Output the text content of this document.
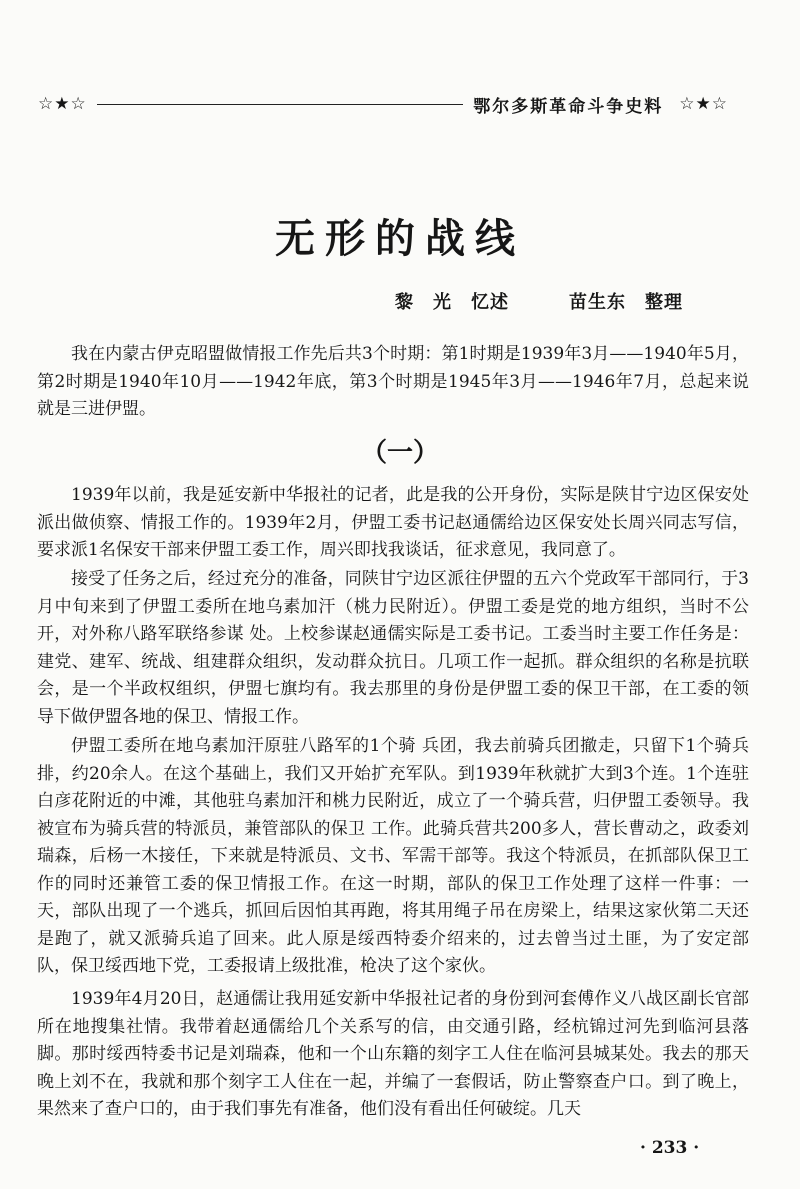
☆★☆	鄂尔多斯革命斗争史料 ☆★☆
无形的战线
黎　光　忆述	苗生东　整理

我在内蒙古伊克昭盟做情报工作先后共3个时期：第1时期是1939年3月——1940年5月，第2时期是1940年10月——1942年底，第3个时期是1945年3月——1946年7月，总起来说就是三进伊盟。

（一）

1939年以前，我是延安新中华报社的记者，此是我的公开身份，实际是陕甘宁边区保安处派出做侦察、情报工作的。1939年2月，伊盟工委书记赵通儒给边区保安处长周兴同志写信，要求派1名保安干部来伊盟工委工作，周兴即找我谈话，征求意见，我同意了。

接受了任务之后，经过充分的准备，同陕甘宁边区派往伊盟的五六个党政军干部同行，于3月中旬来到了伊盟工委所在地乌素加汗（桃力民附近）。伊盟工委是党的地方组织，当时不公开，对外称八路军联络参谋 处。上校参谋赵通儒实际是工委书记。工委当时主要工作任务是：建党、建军、统战、组建群众组织，发动群众抗日。几项工作一起抓。群众组织的名称是抗联会，是一个半政权组织，伊盟七旗均有。我去那里的身份是伊盟工委的保卫干部，在工委的领导下做伊盟各地的保卫、情报工作。

伊盟工委所在地乌素加汗原驻八路军的1个骑 兵团，我去前骑兵团撤走，只留下1个骑兵排，约20余人。在这个基础上，我们又开始扩充军队。到1939年秋就扩大到3个连。1个连驻白彦花附近的中滩，其他驻乌素加汗和桃力民附近，成立了一个骑兵营，归伊盟工委领导。我被宣布为骑兵营的特派员，兼管部队的保卫 工作。此骑兵营共200多人，营长曹动之，政委刘瑞森，后杨一木接任，下来就是特派员、文书、军需干部等。我这个特派员，在抓部队保卫工作的同时还兼管工委的保卫情报工作。在这一时期，部队的保卫工作处理了这样一件事：一天，部队出现了一个逃兵，抓回后因怕其再跑，将其用绳子吊在房梁上，结果这家伙第二天还是跑了，就又派骑兵追了回来。此人原是绥西特委介绍来的，过去曾当过土匪，为了安定部队，保卫绥西地下党，工委报请上级批准，枪决了这个家伙。

1939年4月20日，赵通儒让我用延安新中华报社记者的身份到河套傅作义八战区副长官部所在地搜集社情。我带着赵通儒给几个关系写的信，由交通引路，经杭锦过河先到临河县落脚。那时绥西特委书记是刘瑞森，他和一个山东籍的刻字工人住在临河县城某处。我去的那天晚上刘不在，我就和那个刻字工人住在一起，并编了一套假话，防止警察查户口。到了晚上，果然来了查户口的，由于我们事先有准备，他们没有看出任何破绽。几天

· 233 ·
